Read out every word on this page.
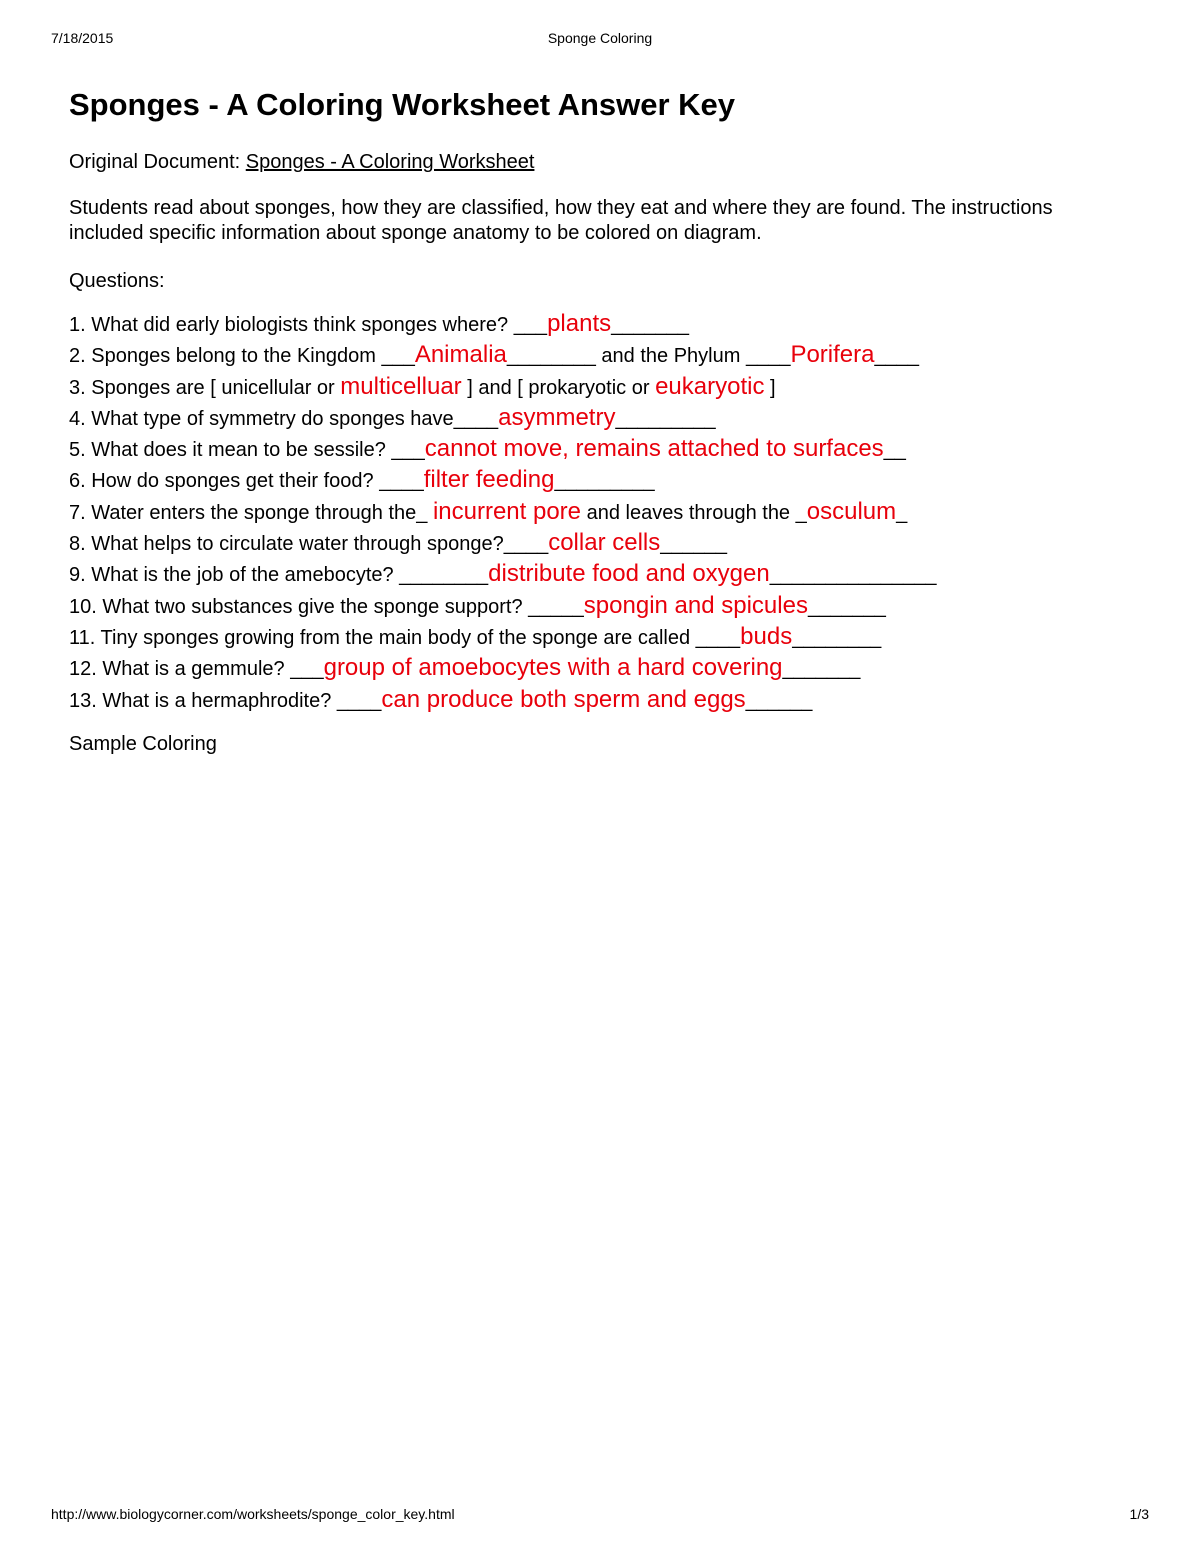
7/18/2015	Sponge Coloring
Sponges - A Coloring Worksheet Answer Key
Original Document: Sponges - A Coloring Worksheet
Students read about sponges, how they are classified, how they eat and where they are found. The instructions included specific information about sponge anatomy to be colored on diagram.
Questions:
1. What did early biologists think sponges where? ___plants_______
2. Sponges belong to the Kingdom ___Animalia________ and the Phylum ____Porifera____
3. Sponges are [ unicellular or multicelluar ] and [ prokaryotic or eukaryotic ]
4. What type of symmetry do sponges have____asymmetry_________
5. What does it mean to be sessile? ___cannot move, remains attached to surfaces__
6. How do sponges get their food? ____filter feeding_________
7. Water enters the sponge through the_ incurrent pore and leaves through the _osculum_
8. What helps to circulate water through sponge?____collar cells______
9. What is the job of the amebocyte? ________distribute food and oxygen_______________
10. What two substances give the sponge support? _____spongin and spicules_______
11. Tiny sponges growing from the main body of the sponge are called ____buds________
12. What is a gemmule? ___group of amoebocytes with a hard covering_______
13. What is a hermaphrodite? ____can produce both sperm and eggs______
Sample Coloring
http://www.biologycorner.com/worksheets/sponge_color_key.html	1/3
